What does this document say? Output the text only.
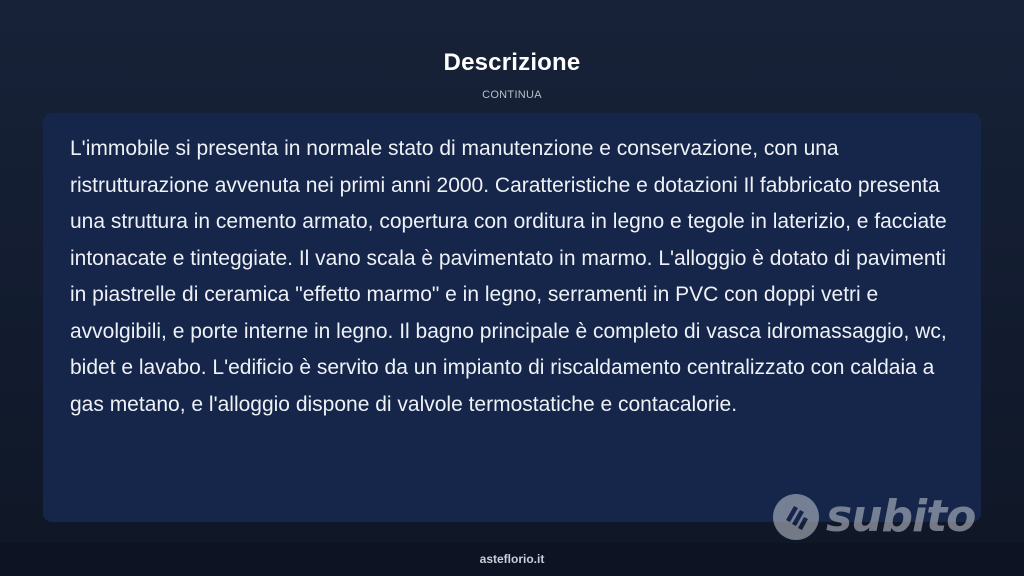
Descrizione
CONTINUA

L'immobile si presenta in normale stato di manutenzione e conservazione, con una ristrutturazione avvenuta nei primi anni 2000. Caratteristiche e dotazioni Il fabbricato presenta una struttura in cemento armato, copertura con orditura in legno e tegole in laterizio, e facciate intonacate e tinteggiate. Il vano scala è pavimentato in marmo. L'alloggio è dotato di pavimenti in piastrelle di ceramica "effetto marmo" e in legno, serramenti in PVC con doppi vetri e avvolgibili, e porte interne in legno. Il bagno principale è completo di vasca idromassaggio, wc, bidet e lavabo. L'edificio è servito da un impianto di riscaldamento centralizzato con caldaia a gas metano, e l'alloggio dispone di valvole termostatiche e contacalorie.

asteflorio.it
subito
